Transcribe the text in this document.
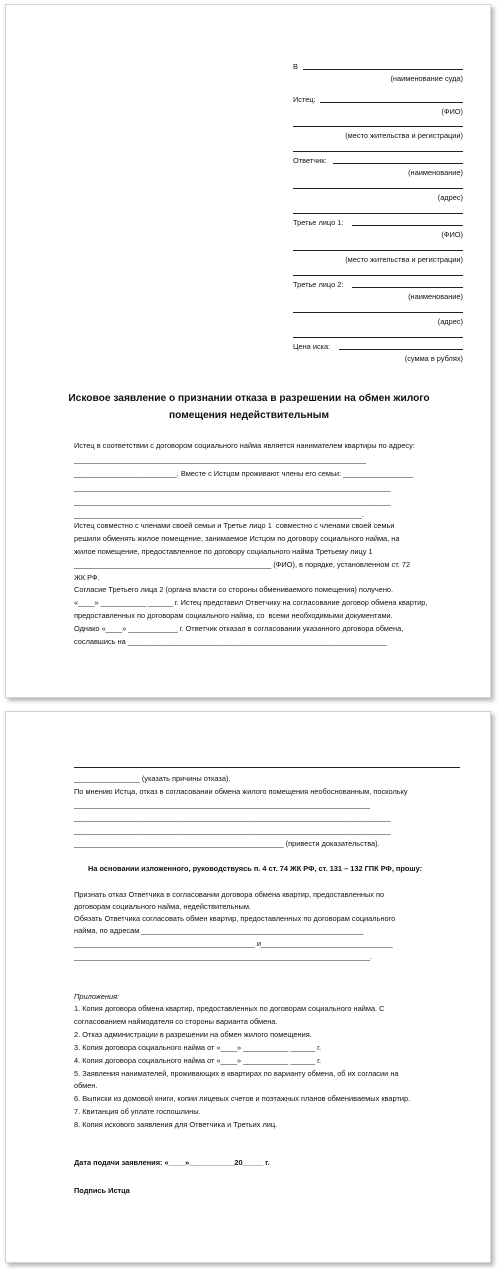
В
(наименование суда)
Истец:
(ФИО)
(место жительства и регистрации)
Ответчик:
(наименование)
(адрес)
Третье лицо 1:
(ФИО)
(место жительства и регистрации)
Третье лицо 2:
(наименование)
(адрес)
Цена иска:
(сумма в рублях)
Исковое заявление о признании отказа в разрешении на обмен жилого помещения недействительным
Истец в соответствии с договором социального найма является нанимателем квартиры по адресу:
_______________________________________________________________________
_________________________. Вместе с Истцом проживают члены его семьи: _________________
_____________________________________________________________________________
_____________________________________________________________________________
______________________________________________________________________.
Истец совместно с членами своей семьи и Третье лицо 1  совместно с членами своей семьи
решили обменять жилое помещение, занимаемое Истцом по договору социального найма, на
жилое помещение, предоставленное по договору социального найма Третьему лицу 1
________________________________________________ (ФИО), в порядке, установленном ст. 72
ЖК РФ.
Согласие Третьего лица 2 (органа власти со стороны обмениваемого помещения) получено.
«____» ___________ ______ г. Истец представил Ответчику на согласование договор обмена квартир,
предоставленных по договорам социального найма, со  всеми необходимыми документами.
Однако «____» ____________ г. Ответчик отказал в согласовании указанного договора обмена,
сославшись на _______________________________________________________________
________________ (указать причины отказа).
По мнению Истца, отказ в согласовании обмена жилого помещения необоснованным, поскольку
________________________________________________________________________
_____________________________________________________________________________
_____________________________________________________________________________
___________________________________________________ (привести доказательства).
На основании изложенного, руководствуясь п. 4 ст. 74 ЖК РФ, ст. 131 – 132 ГПК РФ, прошу:
Признать отказ Ответчика в согласовании договора обмена квартир, предоставленных по
договорам социального найма, недействительным.
Обязать Ответчика согласовать обмен квартир, предоставленных по договорам социального
найма, по адресам ______________________________________________________
____________________________________________ и________________________________
________________________________________________________________________.
Приложения:
1. Копия договора обмена квартир, предоставленных по договорам социального найма. С
согласованием наймодателя со стороны варианта обмена.
2. Отказ администрации в разрешении на обмен жилого помещения.
3. Копия договора социального найма от «____» ___________ ______ г.
4. Копия договора социального найма от «____» ___________ ______ г.
5. Заявления нанимателей, проживающих в квартирах по варианту обмена, об их согласии на
обмен.
6. Выписки из домовой книги, копии лицевых счетов и поэтажных планов обмениваемых квартир.
7. Квитанция об уплате госпошлины.
8. Копия искового заявления для Ответчика и Третьих лиц.
Дата подачи заявления: «____»___________20_____ г.
Подпись Истца
